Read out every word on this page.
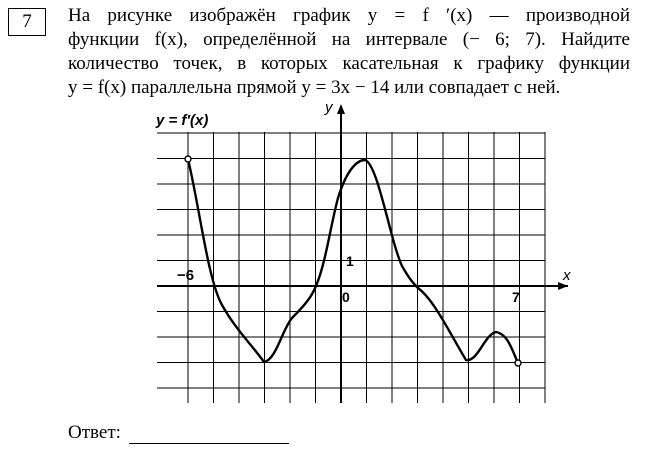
7	На рисунке изображён график y = f ′(x) — производной
функции f(x), определённой на интервале (− 6; 7). Найдите
количество точек, в которых касательная к графику функции
y = f(x) параллельна прямой y = 3x − 14 или совпадает с ней.
y = f′(x)
y
x
−6
0	7
1
Ответ:
